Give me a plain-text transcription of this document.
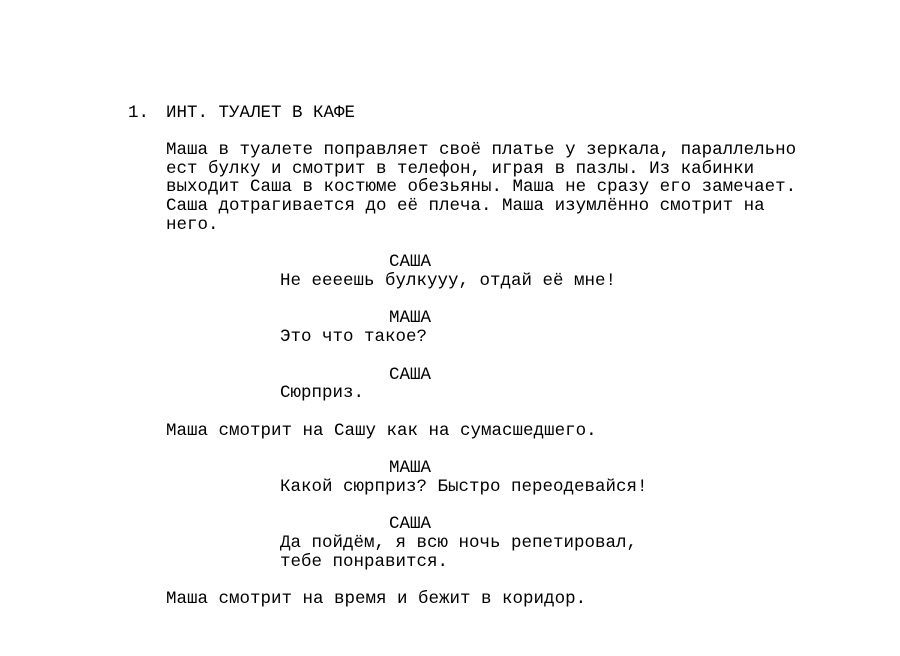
1. ИНТ. ТУАЛЕТ В КАФЕ
Маша в туалете поправляет своё платье у зеркала, параллельно
ест булку и смотрит в телефон, играя в пазлы. Из кабинки
выходит Саша в костюме обезьяны. Маша не сразу его замечает.
Саша дотрагивается до её плеча. Маша изумлённо смотрит на
него.
САША
Не еееешь булкууу, отдай её мне!
МАША
Это что такое?
САША
Сюрприз.
Маша смотрит на Сашу как на сумасшедшего.
МАША
Какой сюрприз? Быстро переодевайся!
САША
Да пойдём, я всю ночь репетировал,
тебе понравится.
Маша смотрит на время и бежит в коридор.
